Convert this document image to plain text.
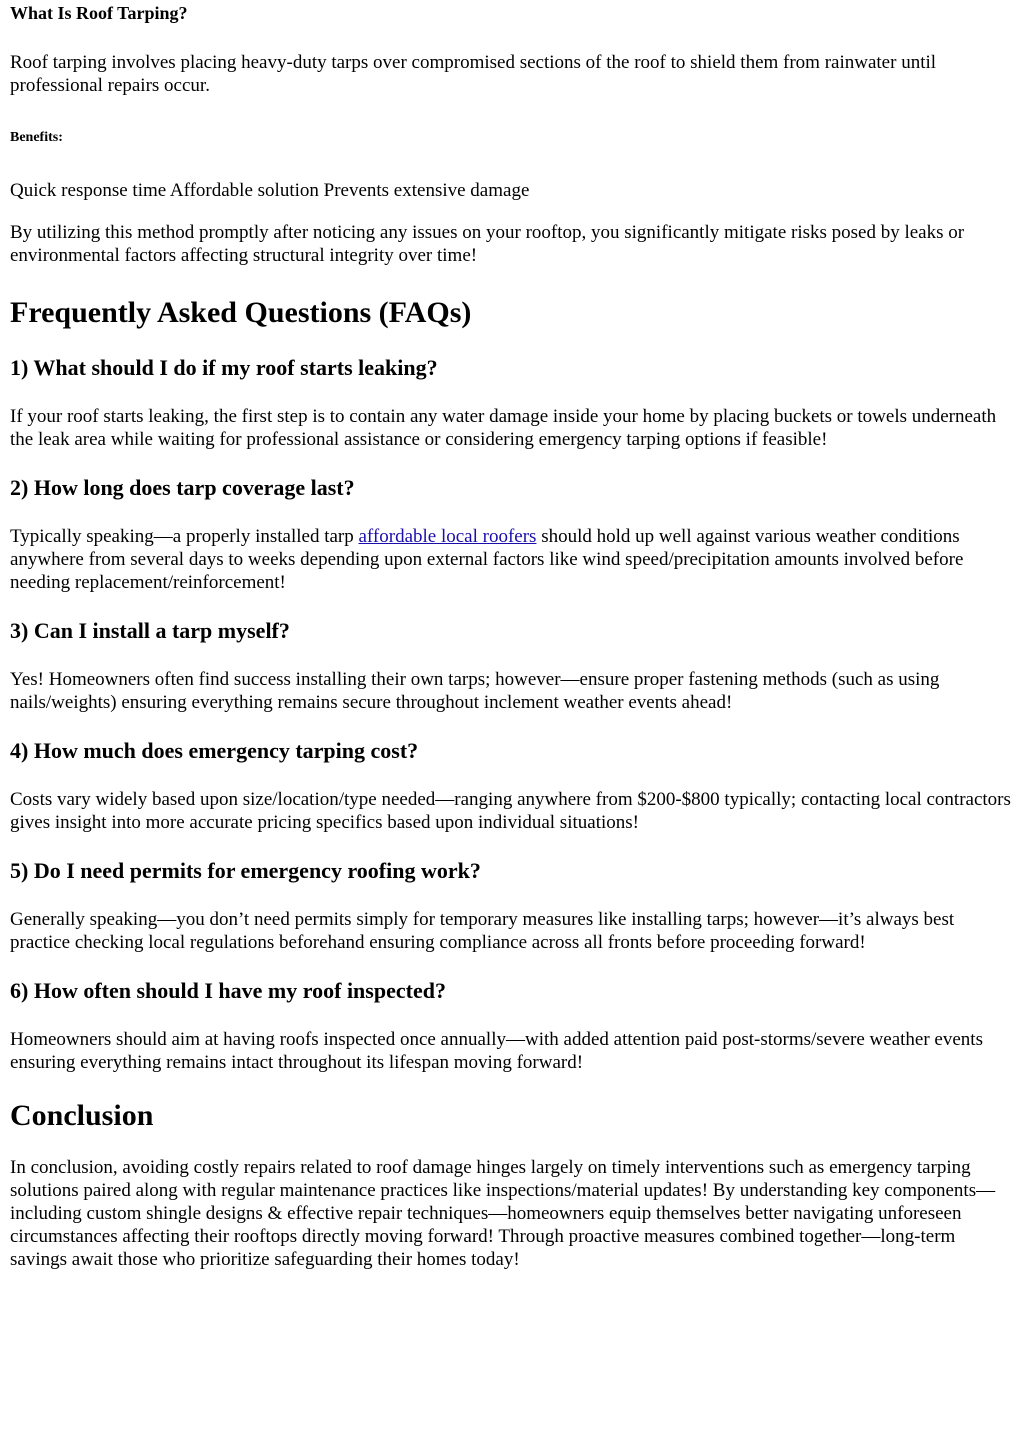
What Is Roof Tarping?

Roof tarping involves placing heavy-duty tarps over compromised sections of the roof to shield them from rainwater until professional repairs occur.

Benefits:

Quick response time Affordable solution Prevents extensive damage

By utilizing this method promptly after noticing any issues on your rooftop, you significantly mitigate risks posed by leaks or environmental factors affecting structural integrity over time!

Frequently Asked Questions (FAQs)
1) What should I do if my roof starts leaking?

If your roof starts leaking, the first step is to contain any water damage inside your home by placing buckets or towels underneath the leak area while waiting for professional assistance or considering emergency tarping options if feasible!

2) How long does tarp coverage last?

Typically speaking—a properly installed tarp affordable local roofers should hold up well against various weather conditions anywhere from several days to weeks depending upon external factors like wind speed/precipitation amounts involved before needing replacement/reinforcement!

3) Can I install a tarp myself?

Yes! Homeowners often find success installing their own tarps; however—ensure proper fastening methods (such as using nails/weights) ensuring everything remains secure throughout inclement weather events ahead!

4) How much does emergency tarping cost?

Costs vary widely based upon size/location/type needed—ranging anywhere from $200-$800 typically; contacting local contractors gives insight into more accurate pricing specifics based upon individual situations!

5) Do I need permits for emergency roofing work?

Generally speaking—you don’t need permits simply for temporary measures like installing tarps; however—it’s always best practice checking local regulations beforehand ensuring compliance across all fronts before proceeding forward!

6) How often should I have my roof inspected?

Homeowners should aim at having roofs inspected once annually—with added attention paid post-storms/severe weather events ensuring everything remains intact throughout its lifespan moving forward!

Conclusion

In conclusion, avoiding costly repairs related to roof damage hinges largely on timely interventions such as emergency tarping solutions paired along with regular maintenance practices like inspections/material updates! By understanding key components—including custom shingle designs & effective repair techniques—homeowners equip themselves better navigating unforeseen circumstances affecting their rooftops directly moving forward! Through proactive measures combined together—long-term savings await those who prioritize safeguarding their homes today!
